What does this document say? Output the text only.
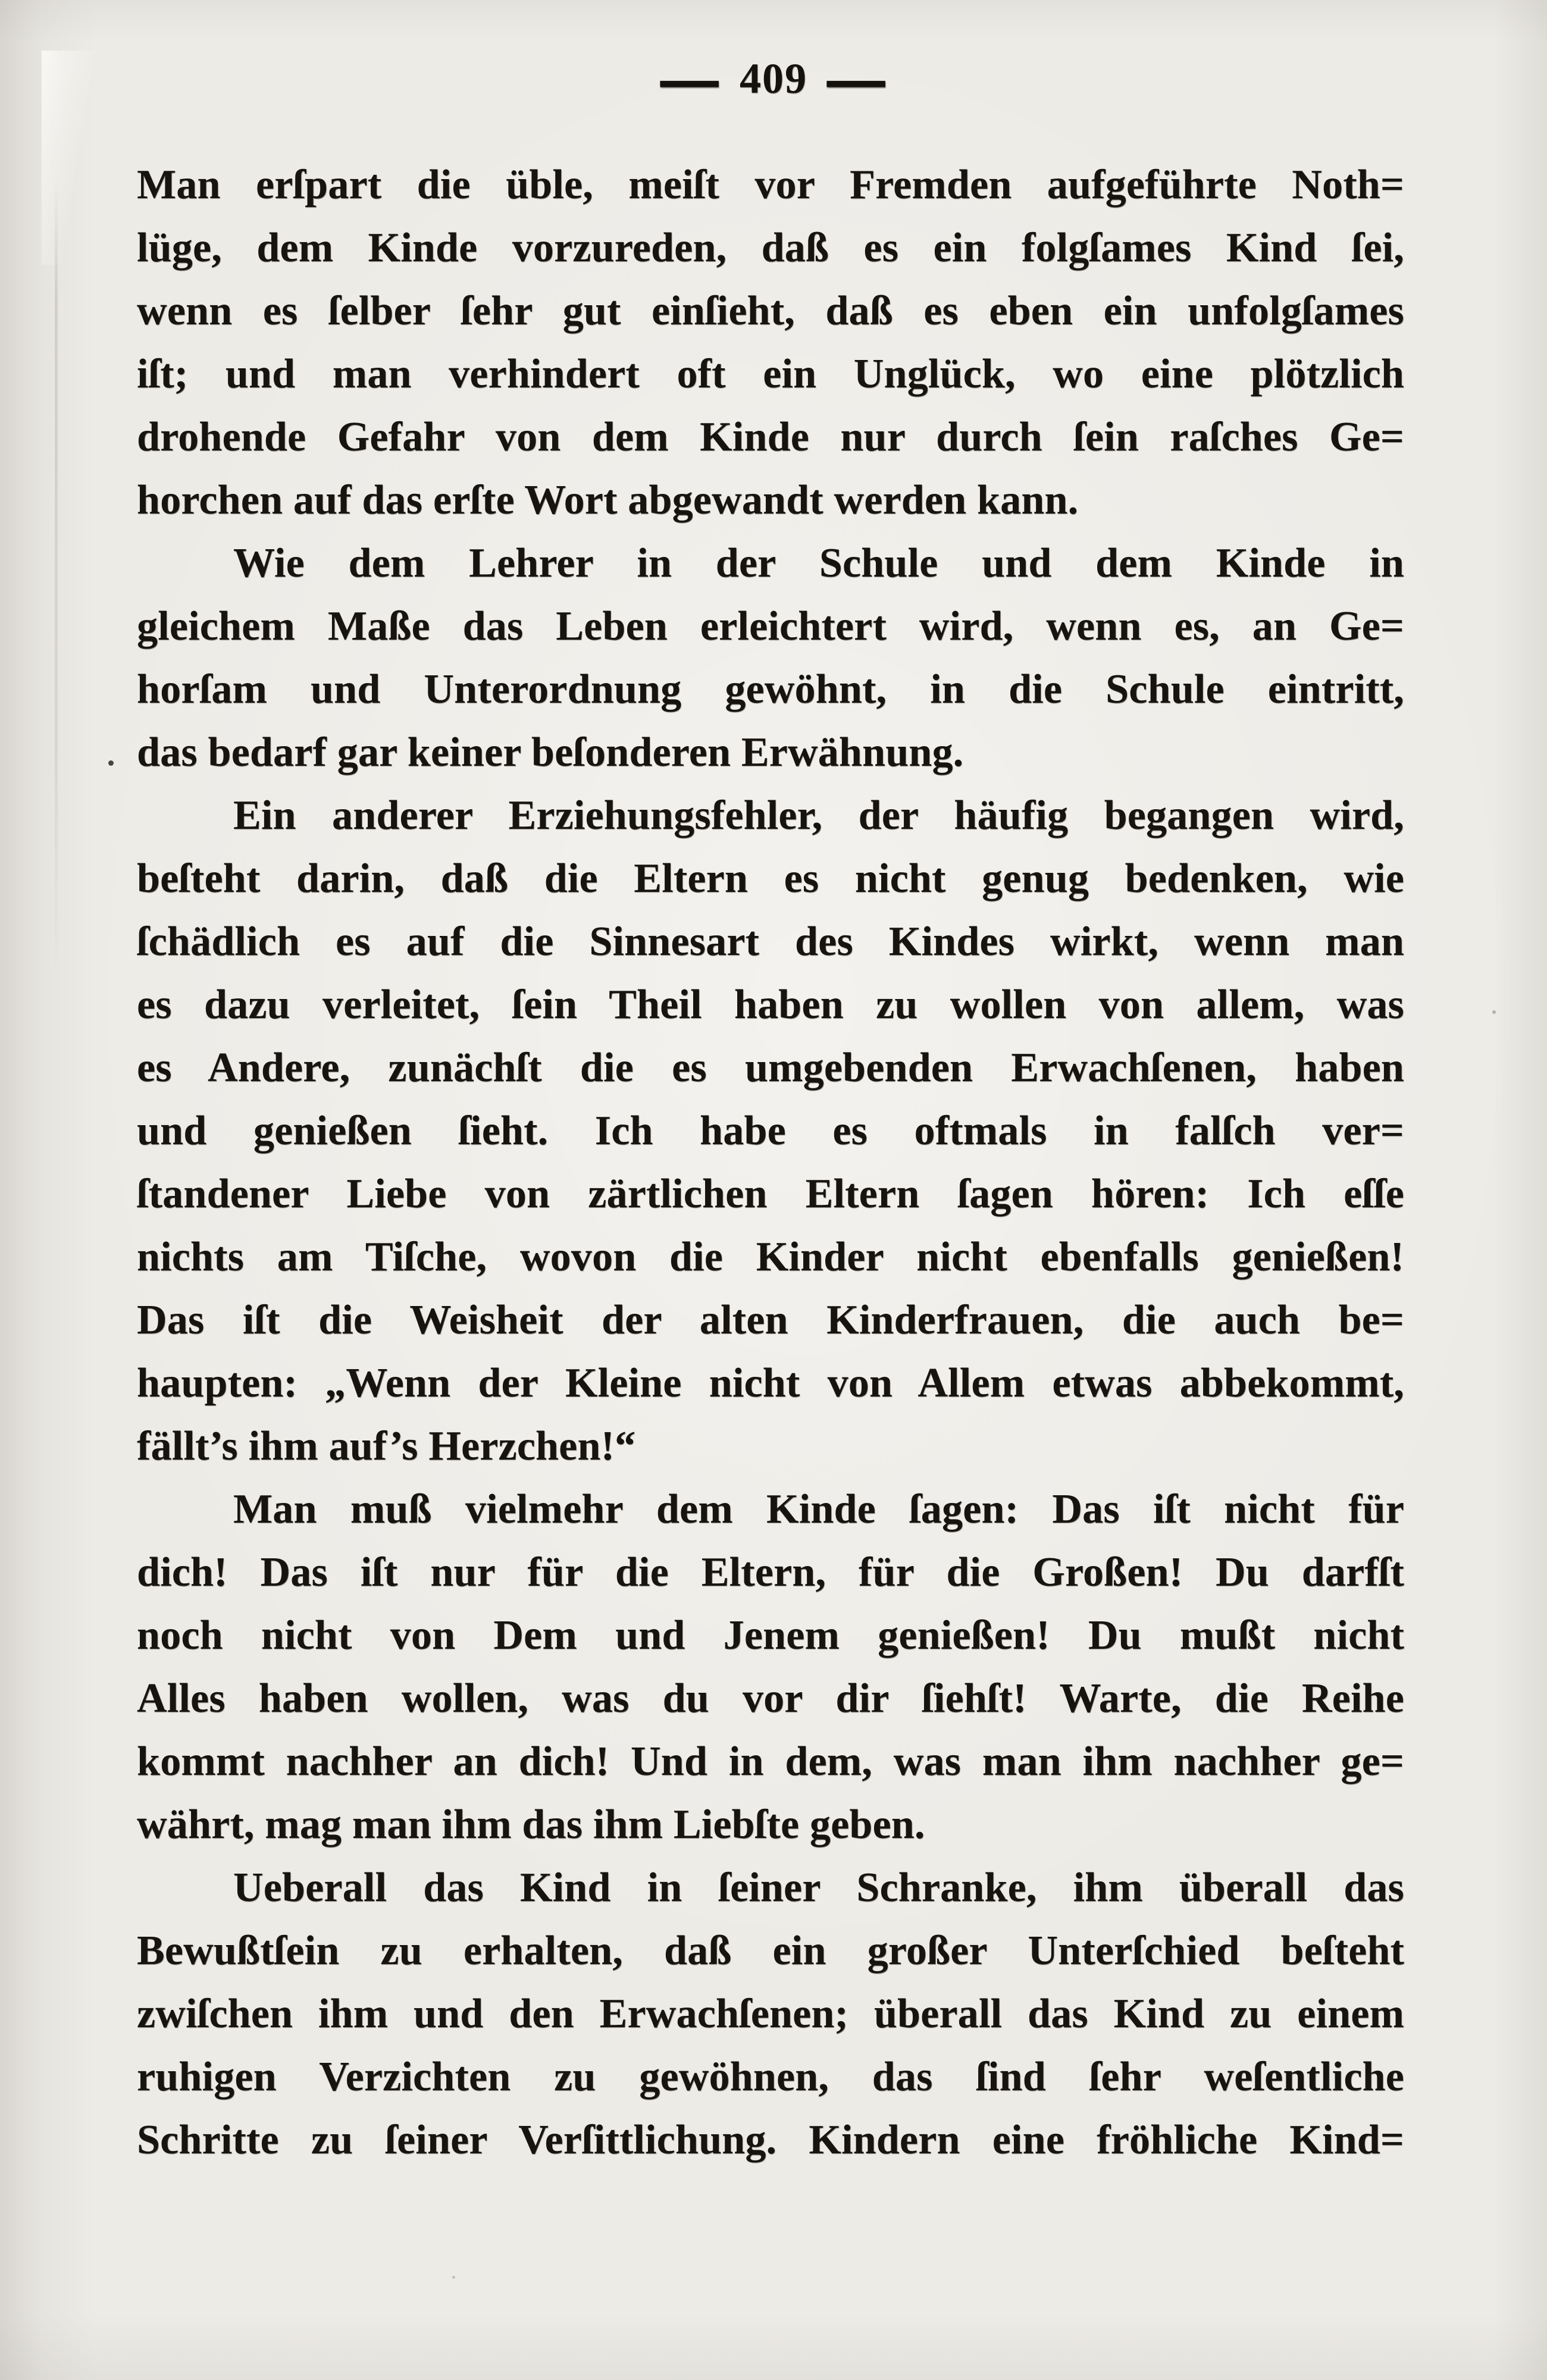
— 409 —
Man erſpart die üble, meiſt vor Fremden aufgeführte Noth=
lüge, dem Kinde vorzureden, daß es ein folgſames Kind ſei,
wenn es ſelber ſehr gut einſieht, daß es eben ein unfolgſames
iſt; und man verhindert oft ein Unglück, wo eine plötzlich
drohende Gefahr von dem Kinde nur durch ſein raſches Ge=
horchen auf das erſte Wort abgewandt werden kann.
Wie dem Lehrer in der Schule und dem Kinde in
gleichem Maße das Leben erleichtert wird, wenn es, an Ge=
horſam und Unterordnung gewöhnt, in die Schule eintritt,
das bedarf gar keiner beſonderen Erwähnung.
Ein anderer Erziehungsfehler, der häufig begangen wird,
beſteht darin, daß die Eltern es nicht genug bedenken, wie
ſchädlich es auf die Sinnesart des Kindes wirkt, wenn man
es dazu verleitet, ſein Theil haben zu wollen von allem, was
es Andere, zunächſt die es umgebenden Erwachſenen, haben
und genießen ſieht. Ich habe es oftmals in falſch ver=
ſtandener Liebe von zärtlichen Eltern ſagen hören: Ich eſſe
nichts am Tiſche, wovon die Kinder nicht ebenfalls genießen!
Das iſt die Weisheit der alten Kinderfrauen, die auch be=
haupten: „Wenn der Kleine nicht von Allem etwas abbekommt,
fällt’s ihm auf’s Herzchen!“
Man muß vielmehr dem Kinde ſagen: Das iſt nicht für
dich! Das iſt nur für die Eltern, für die Großen! Du darfſt
noch nicht von Dem und Jenem genießen! Du mußt nicht
Alles haben wollen, was du vor dir ſiehſt! Warte, die Reihe
kommt nachher an dich! Und in dem, was man ihm nachher ge=
währt, mag man ihm das ihm Liebſte geben.
Ueberall das Kind in ſeiner Schranke, ihm überall das
Bewußtſein zu erhalten, daß ein großer Unterſchied beſteht
zwiſchen ihm und den Erwachſenen; überall das Kind zu einem
ruhigen Verzichten zu gewöhnen, das ſind ſehr weſentliche
Schritte zu ſeiner Verſittlichung. Kindern eine fröhliche Kind=
